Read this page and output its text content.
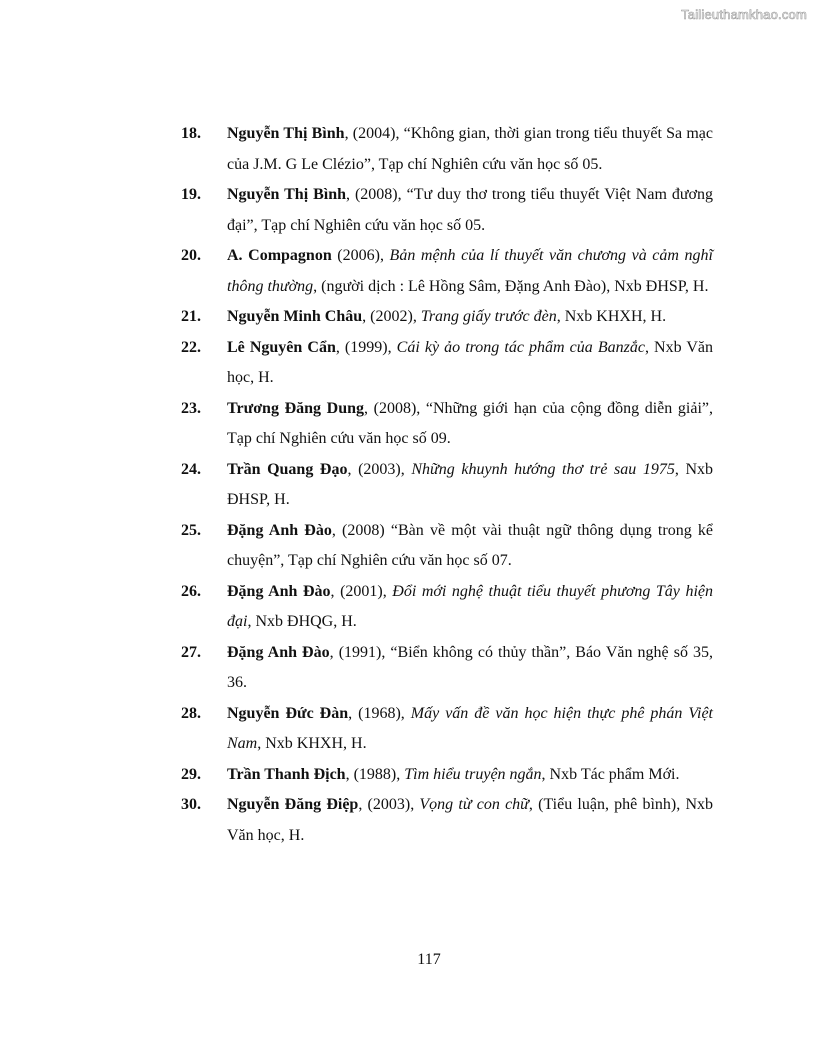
Tailieuthamkhao.com
18. Nguyễn Thị Bình, (2004), “Không gian, thời gian trong tiểu thuyết Sa mạc của J.M. G Le Clézio”, Tạp chí Nghiên cứu văn học số 05.
19. Nguyễn Thị Bình, (2008), “Tư duy thơ trong tiểu thuyết Việt Nam đương đại”, Tạp chí Nghiên cứu văn học số 05.
20. A. Compagnon (2006), Bản mệnh của lí thuyết văn chương và cảm nghĩ thông thường, (người dịch : Lê Hồng Sâm, Đặng Anh Đào), Nxb ĐHSP, H.
21. Nguyễn Minh Châu, (2002), Trang giấy trước đèn, Nxb KHXH, H.
22. Lê Nguyên Cẩn, (1999), Cái kỳ ảo trong tác phẩm của Banzắc, Nxb Văn học, H.
23. Trương Đăng Dung, (2008), “Những giới hạn của cộng đồng diễn giải”, Tạp chí Nghiên cứu văn học số 09.
24. Trần Quang Đạo, (2003), Những khuynh hướng thơ trẻ sau 1975, Nxb ĐHSP, H.
25. Đặng Anh Đào, (2008) “Bàn về một vài thuật ngữ thông dụng trong kể chuyện”, Tạp chí Nghiên cứu văn học số 07.
26. Đặng Anh Đào, (2001), Đổi mới nghệ thuật tiểu thuyết phương Tây hiện đại, Nxb ĐHQG, H.
27. Đặng Anh Đào, (1991), “Biển không có thủy thần”, Báo Văn nghệ số 35, 36.
28. Nguyễn Đức Đàn, (1968), Mấy vấn đề văn học hiện thực phê phán Việt Nam, Nxb KHXH, H.
29. Trần Thanh Địch, (1988), Tìm hiểu truyện ngắn, Nxb Tác phẩm Mới.
30. Nguyễn Đăng Điệp, (2003), Vọng từ con chữ, (Tiểu luận, phê bình), Nxb Văn học, H.
117
